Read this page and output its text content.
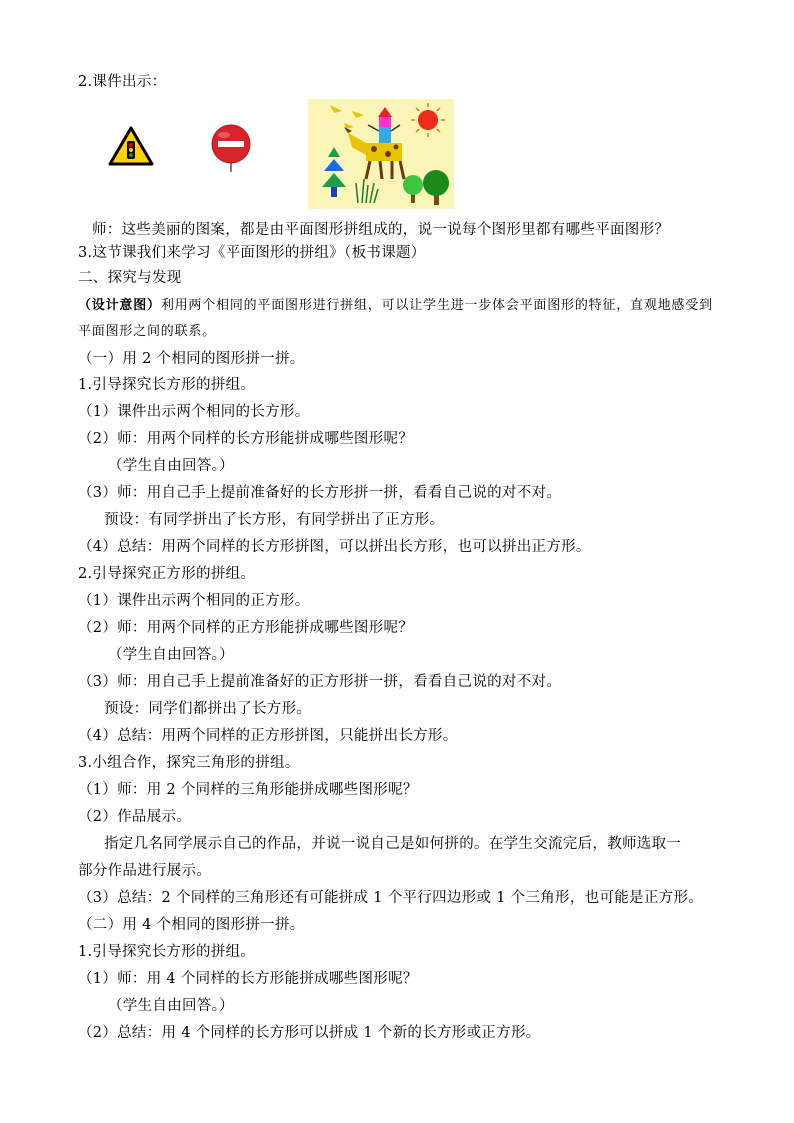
2.课件出示：
师：这些美丽的图案，都是由平面图形拼组成的，说一说每个图形里都有哪些平面图形？
3.这节课我们来学习《平面图形的拼组》（板书课题）
二、探究与发现
（设计意图）利用两个相同的平面图形进行拼组，可以让学生进一步体会平面图形的特征，直观地感受到平面图形之间的联系。
（一）用 2 个相同的图形拼一拼。
1.引导探究长方形的拼组。
（1）课件出示两个相同的长方形。
（2）师：用两个同样的长方形能拼成哪些图形呢？
（学生自由回答。）
（3）师：用自己手上提前准备好的长方形拼一拼，看看自己说的对不对。
预设：有同学拼出了长方形，有同学拼出了正方形。
（4）总结：用两个同样的长方形拼图，可以拼出长方形，也可以拼出正方形。
2.引导探究正方形的拼组。
（1）课件出示两个相同的正方形。
（2）师：用两个同样的正方形能拼成哪些图形呢？
（学生自由回答。）
（3）师：用自己手上提前准备好的正方形拼一拼，看看自己说的对不对。
预设：同学们都拼出了长方形。
（4）总结：用两个同样的正方形拼图，只能拼出长方形。
3.小组合作，探究三角形的拼组。
（1）师：用 2 个同样的三角形能拼成哪些图形呢？
（2）作品展示。
指定几名同学展示自己的作品，并说一说自己是如何拼的。在学生交流完后，教师选取一
部分作品进行展示。
（3）总结：2 个同样的三角形还有可能拼成 1 个平行四边形或 1 个三角形，也可能是正方形。
（二）用 4 个相同的图形拼一拼。
1.引导探究长方形的拼组。
（1）师：用 4 个同样的长方形能拼成哪些图形呢？
（学生自由回答。）
（2）总结：用 4 个同样的长方形可以拼成 1 个新的长方形或正方形。
